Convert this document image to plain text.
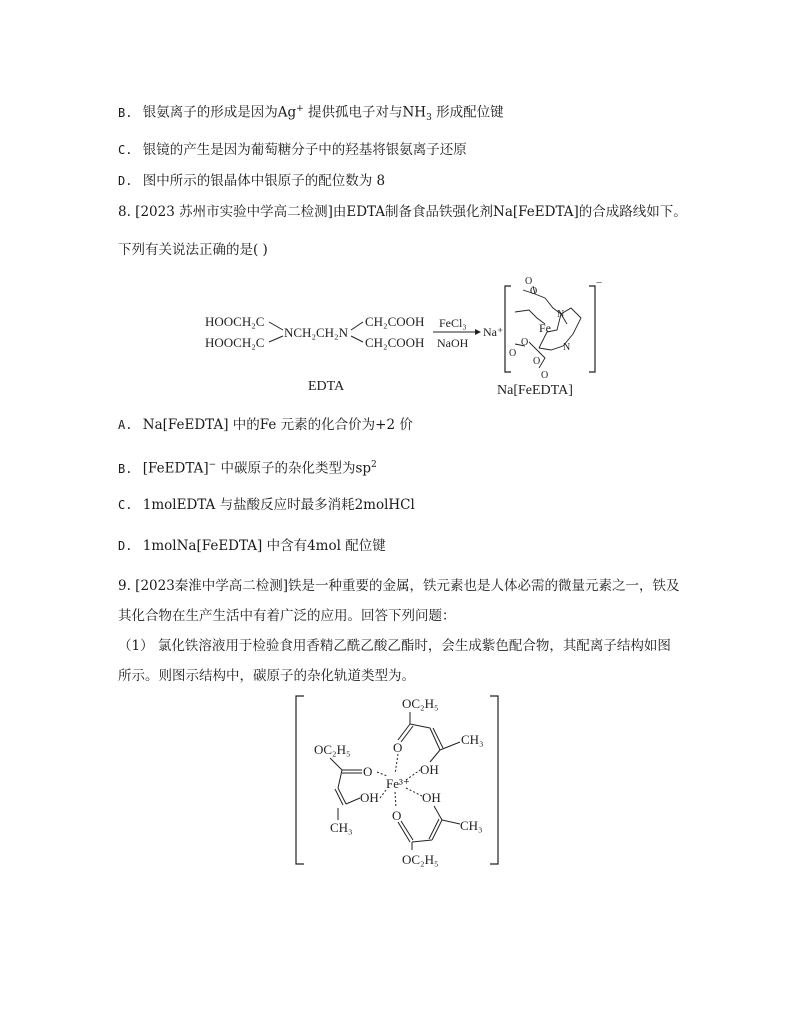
B. 银氨离子的形成是因为Ag+ 提供孤电子对与$NH_3$ 形成配位键
C. 银镜的产生是因为葡萄糖分子中的羟基将银氨离子还原
D. 图中所示的银晶体中银原子的配位数为 8
8. [2023 苏州市实验中学高二检测]由EDTA制备食品铁强化剂Na[FeEDTA]的合成路线如下。
下列有关说法正确的是( )
HOOCH₂C
HOOCH₂C
NCH₂CH₂N
CH₂COOH
CH₂COOH
EDTA
FeCl₃
NaOH
Na⁺
−
O
O
N
Fe
N
O
O
O
O
Na[FeEDTA]
A. Na[FeEDTA] 中的Fe 元素的化合价为+2 价
B. [FeEDTA]− 中碳原子的杂化类型为$sp^2$
C. 1molEDTA 与盐酸反应时最多消耗2molHCl
D. 1molNa[FeEDTA] 中含有4mol 配位键
9. [2023秦淮中学高二检测]铁是一种重要的金属，铁元素也是人体必需的微量元素之一，铁及
其化合物在生产生活中有着广泛的应用。回答下列问题：
（1） 氯化铁溶液用于检验食用香精乙酰乙酸乙酯时，会生成紫色配合物，其配离子结构如图
所示。则图示结构中，碳原子的杂化轨道类型为。
OC₂H₅
CH₃
O
OH
OC₂H₅
O
OH
CH₃
Fe³⁺
OH
CH₃
O
OC₂H₅
